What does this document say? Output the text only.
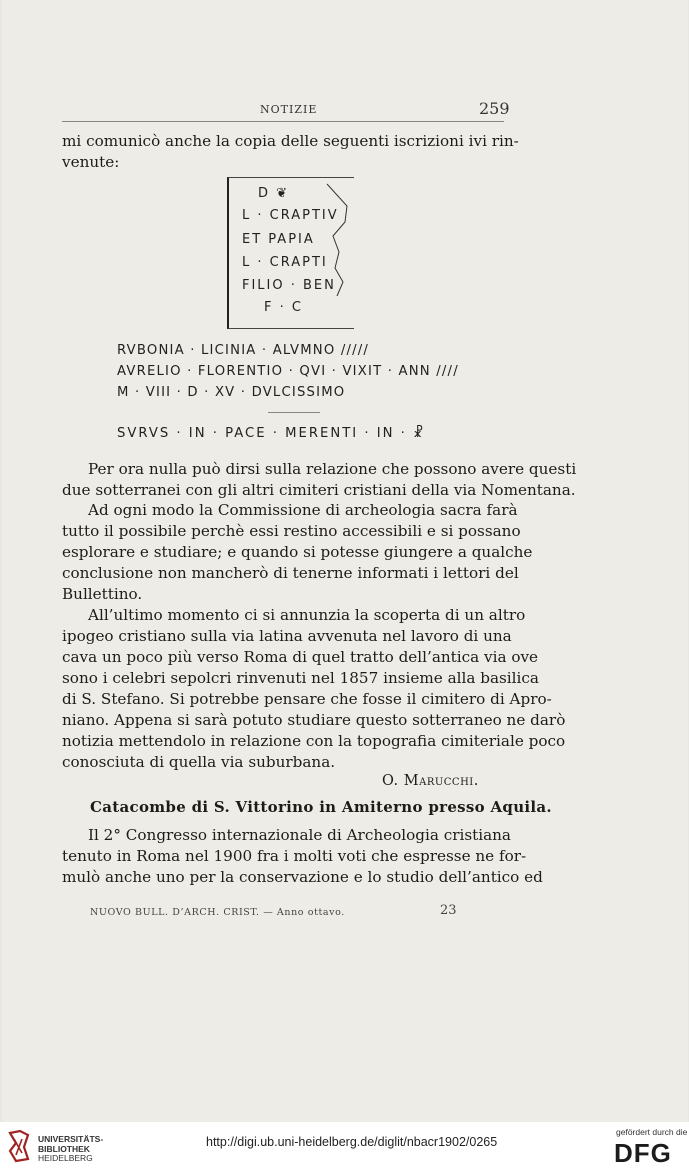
NOTIZIE	259
mi comunicò anche la copia delle seguenti iscrizioni ivi rin-
venute:
D ❦
L · CRAPTIV
ET PAPIA
L · CRAPTI
FILIO · BEN
F · C
RVBONIA · LICINIA · ALVMNO /////
AVRELIO · FLORENTIO · QVI · VIXIT · ANN ////
M · VIII · D · XV · DVLCISSIMO
SVRVS · IN · PACE · MERENTI · IN · ☧
Per ora nulla può dirsi sulla relazione che possono avere questi
due sotterranei con gli altri cimiteri cristiani della via Nomentana.
Ad ogni modo la Commissione di archeologia sacra farà
tutto il possibile perchè essi restino accessibili e si possano
esplorare e studiare; e quando si potesse giungere a qualche
conclusione non mancherò di tenerne informati i lettori del
Bullettino.
All’ultimo momento ci si annunzia la scoperta di un altro
ipogeo cristiano sulla via latina avvenuta nel lavoro di una
cava un poco più verso Roma di quel tratto dell’antica via ove
sono i celebri sepolcri rinvenuti nel 1857 insieme alla basilica
di S. Stefano. Si potrebbe pensare che fosse il cimitero di Apro-
niano. Appena si sarà potuto studiare questo sotterraneo ne darò
notizia mettendolo in relazione con la topografia cimiteriale poco
conosciuta di quella via suburbana.
O. Marucchi.
Catacombe di S. Vittorino in Amiterno presso Aquila.
Il 2° Congresso internazionale di Archeologia cristiana
tenuto in Roma nel 1900 fra i molti voti che espresse ne for-
mulò anche uno per la conservazione e lo studio dell’antico ed
NUOVO BULL. D’ARCH. CRIST. — Anno ottavo.	23
UNIVERSITÄTS-
BIBLIOTHEK
HEIDELBERG
http://digi.ub.uni-heidelberg.de/diglit/nbacr1902/0265
gefördert durch die
DFG
